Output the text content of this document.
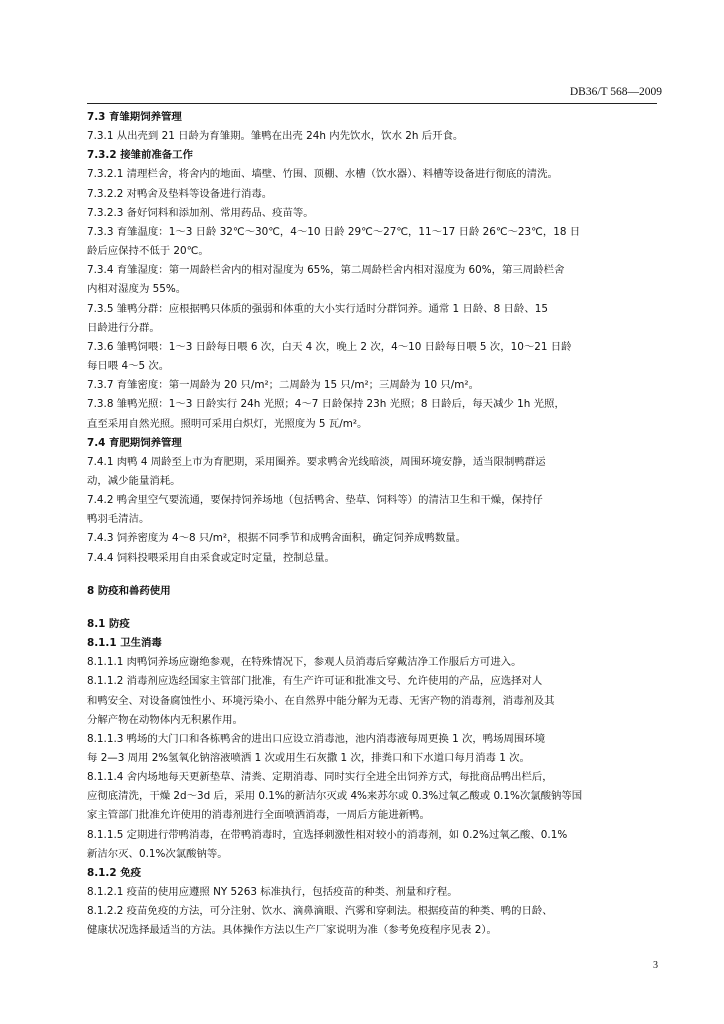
DB36/T 568—2009
7.3 育雏期饲养管理
7.3.1 从出壳到 21 日龄为育雏期。雏鸭在出壳 24h 内先饮水，饮水 2h 后开食。
7.3.2 接雏前准备工作
7.3.2.1 清理栏舍，将舍内的地面、墙壁、竹围、顶棚、水槽（饮水器）、料槽等设备进行彻底的清洗。
7.3.2.2 对鸭舍及垫料等设备进行消毒。
7.3.2.3 备好饲料和添加剂、常用药品、疫苗等。
7.3.3 育雏温度：1～3 日龄 32℃～30℃，4～10 日龄 29℃～27℃，11～17 日龄 26℃～23℃，18 日
龄后应保持不低于 20℃。
7.3.4 育雏湿度：第一周龄栏舍内的相对湿度为 65%，第二周龄栏舍内相对湿度为 60%，第三周龄栏舍
内相对湿度为 55%。
7.3.5 雏鸭分群：应根据鸭只体质的强弱和体重的大小实行适时分群饲养。通常 1 日龄、8 日龄、15
日龄进行分群。
7.3.6 雏鸭饲喂：1～3 日龄每日喂 6 次，白天 4 次，晚上 2 次，4～10 日龄每日喂 5 次，10～21 日龄
每日喂 4～5 次。
7.3.7 育雏密度：第一周龄为 20 只/m²；二周龄为 15 只/m²；三周龄为 10 只/m²。
7.3.8 雏鸭光照：1～3 日龄实行 24h 光照；4～7 日龄保持 23h 光照；8 日龄后，每天减少 1h 光照，
直至采用自然光照。照明可采用白炽灯，光照度为 5 瓦/m²。
7.4 育肥期饲养管理
7.4.1 肉鸭 4 周龄至上市为育肥期，采用圈养。要求鸭舍光线暗淡，周围环境安静，适当限制鸭群运
动，减少能量消耗。
7.4.2 鸭舍里空气要流通，要保持饲养场地（包括鸭舍、垫草、饲料等）的清洁卫生和干燥，保持仔
鸭羽毛清洁。
7.4.3 饲养密度为 4～8 只/m²，根据不同季节和成鸭舍面积，确定饲养成鸭数量。
7.4.4 饲料投喂采用自由采食或定时定量，控制总量。
8 防疫和兽药使用
8.1 防疫
8.1.1 卫生消毒
8.1.1.1 肉鸭饲养场应谢绝参观，在特殊情况下，参观人员消毒后穿戴洁净工作服后方可进入。
8.1.1.2 消毒剂应选经国家主管部门批准，有生产许可证和批准文号、允许使用的产品，应选择对人
和鸭安全、对设备腐蚀性小、环境污染小、在自然界中能分解为无毒、无害产物的消毒剂，消毒剂及其
分解产物在动物体内无积累作用。
8.1.1.3 鸭场的大门口和各栋鸭舍的进出口应设立消毒池，池内消毒液每周更换 1 次，鸭场周围环境
每 2—3 周用 2%氢氧化钠溶液喷洒 1 次或用生石灰撒 1 次，排粪口和下水道口每月消毒 1 次。
8.1.1.4 舍内场地每天更新垫草、清粪、定期消毒、同时实行全进全出饲养方式，每批商品鸭出栏后，
应彻底清洗，干燥 2d～3d 后，采用 0.1%的新洁尔灭或 4%来苏尔或 0.3%过氧乙酸或 0.1%次氯酸钠等国
家主管部门批准允许使用的消毒剂进行全面喷洒消毒，一周后方能进新鸭。
8.1.1.5 定期进行带鸭消毒，在带鸭消毒时，宜选择刺激性相对较小的消毒剂，如 0.2%过氧乙酸、0.1%
新洁尔灭、0.1%次氯酸钠等。
8.1.2 免疫
8.1.2.1 疫苗的使用应遵照 NY 5263 标准执行，包括疫苗的种类、剂量和疗程。
8.1.2.2 疫苗免疫的方法，可分注射、饮水、滴鼻滴眼、汽雾和穿刺法。根据疫苗的种类、鸭的日龄、
健康状况选择最适当的方法。具体操作方法以生产厂家说明为准（参考免疫程序见表 2）。
3
